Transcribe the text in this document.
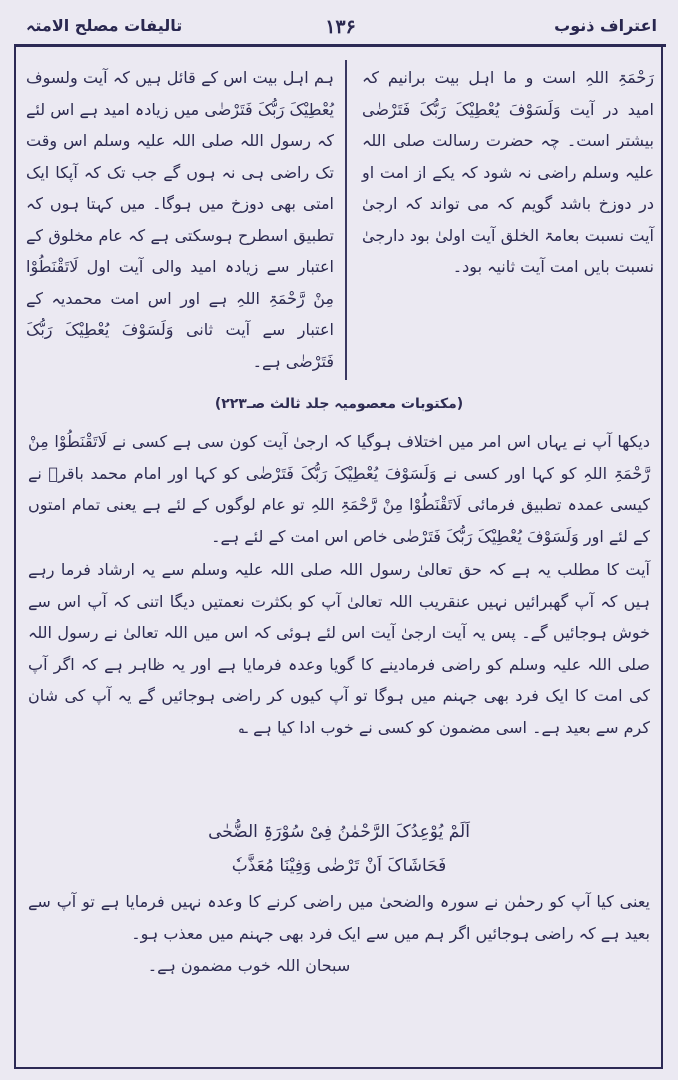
اعتراف ذنوب
۱۳۶
تالیفات مصلح الامتہ

رَحْمَۃِ اللہِ است و ما اہل بیت برانیم کہ امید در آیت وَلَسَوْفَ یُعْطِیْکَ رَبُّکَ فَتَرْضٰی بیشتر است۔ چہ حضرت رسالت صلی اللہ علیہ وسلم راضی نہ شود کہ یکے از امت او در دوزخ باشد گویم کہ می تواند کہ ارجیٰ آیت نسبت بعامۃ الخلق آیت اولیٰ بود دارجیٰ نسبت بایں امت آیت ثانیہ بود۔

ہم اہل بیت اس کے قائل ہیں کہ آیت ولسوف یُعْطِیْکَ رَبُّکَ فَتَرْضٰی میں زیادہ امید ہے اس لئے کہ رسول اللہ صلی اللہ علیہ وسلم اس وقت تک راضی ہی نہ ہوں گے جب تک کہ آپکا ایک امتی بھی دوزخ میں ہوگا۔ میں کہتا ہوں کہ تطبیق اسطرح ہوسکتی ہے کہ عام مخلوق کے اعتبار سے زیادہ امید والی آیت اول لَاتَقْنَطُوْا مِنْ رَّحْمَۃِ اللہِ ہے اور اس امت محمدیہ کے اعتبار سے آیت ثانی وَلَسَوْفَ یُعْطِیْکَ رَبُّکَ فَتَرْضٰی ہے۔

(مکتوبات معصومیہ جلد ثالث صـ۲۲۳)

دیکھا آپ نے یہاں اس امر میں اختلاف ہوگیا کہ ارجیٰ آیت کون سی ہے کسی نے لَاتَقْنَطُوْا مِنْ رَّحْمَۃِ اللہِ کو کہا اور کسی نے وَلَسَوْفَ یُعْطِیْکَ رَبُّکَ فَتَرْضٰی کو کہا اور امام محمد باقرؒ نے کیسی عمدہ تطبیق فرمائی لَاتَقْنَطُوْا مِنْ رَّحْمَۃِ اللہِ تو عام لوگوں کے لئے ہے یعنی تمام امتوں کے لئے اور وَلَسَوْفَ یُعْطِیْکَ رَبُّکَ فَتَرْضٰی خاص اس امت کے لئے ہے۔

آیت کا مطلب یہ ہے کہ حق تعالیٰ رسول اللہ صلی اللہ علیہ وسلم سے یہ ارشاد فرما رہے ہیں کہ آپ گھبرائیں نہیں عنقریب اللہ تعالیٰ آپ کو بکثرت نعمتیں دیگا اتنی کہ آپ اس سے خوش ہوجائیں گے۔ پس یہ آیت ارجیٰ آیت اس لئے ہوئی کہ اس میں اللہ تعالیٰ نے رسول اللہ صلی اللہ علیہ وسلم کو راضی فرمادینے کا گویا وعدہ فرمایا ہے اور یہ ظاہر ہے کہ اگر آپ کی امت کا ایک فرد بھی جہنم میں ہوگا تو آپ کیوں کر راضی ہوجائیں گے یہ آپ کی شان کرم سے بعید ہے۔ اسی مضمون کو کسی نے خوب ادا کیا ہے ؎

اَلَمْ یُوْعِدُکَ الرَّحْمٰنُ فِیْ سُوْرَۃِ الضُّحٰی
فَحَاشَاکَ اَنْ تَرْضٰی وَفِیْنَا مُعَذَّبٗ

یعنی کیا آپ کو رحمٰن نے سورہ والضحیٰ میں راضی کرنے کا وعدہ نہیں فرمایا ہے تو آپ سے بعید ہے کہ راضی ہوجائیں اگر ہم میں سے ایک فرد بھی جہنم میں معذب ہو۔

سبحان اللہ خوب مضمون ہے۔
